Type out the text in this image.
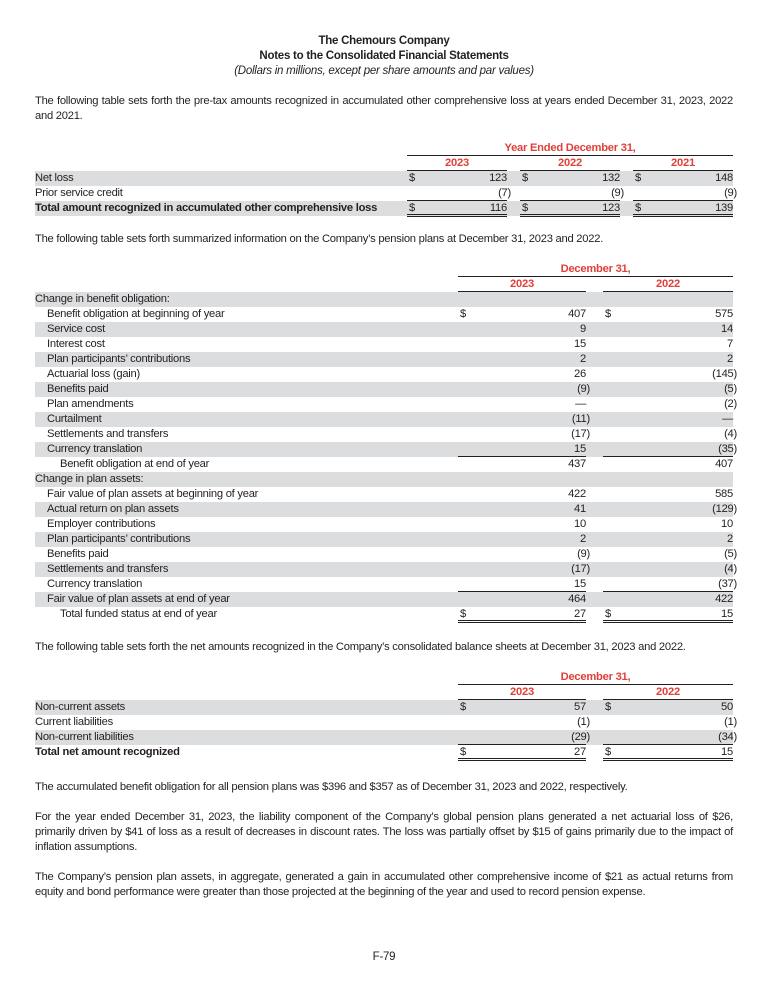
The Chemours Company
Notes to the Consolidated Financial Statements
(Dollars in millions, except per share amounts and par values)
The following table sets forth the pre-tax amounts recognized in accumulated other comprehensive loss at years ended December 31, 2023, 2022 and 2021.
Year Ended December 31,
2023	2022	2021
Net loss	$	123 $	132 $	148
Prior service credit	(7)	(9)	(9)
Total amount recognized in accumulated other comprehensive loss	$	116 $	123 $	139
The following table sets forth summarized information on the Company’s pension plans at December 31, 2023 and 2022.
December 31,
2023	2022
Change in benefit obligation:
Benefit obligation at beginning of year	$	407 $	575
Service cost	9	14
Interest cost	15	7
Plan participants’ contributions	2	2
Actuarial loss (gain)	26	(145)
Benefits paid	(9)	(5)
Plan amendments	—	(2)
Curtailment	(11)	—
Settlements and transfers	(17)	(4)
Currency translation	15	(35)
Benefit obligation at end of year	437	407
Change in plan assets:
Fair value of plan assets at beginning of year	422	585
Actual return on plan assets	41	(129)
Employer contributions	10	10
Plan participants’ contributions	2	2
Benefits paid	(9)	(5)
Settlements and transfers	(17)	(4)
Currency translation	15	(37)
Fair value of plan assets at end of year	464	422
Total funded status at end of year	$	27 $	15
The following table sets forth the net amounts recognized in the Company’s consolidated balance sheets at December 31, 2023 and 2022.
December 31,
2023	2022
Non-current assets	$	57 $	50
Current liabilities	(1)	(1)
Non-current liabilities	(29)	(34)
Total net amount recognized	$	27 $	15
The accumulated benefit obligation for all pension plans was $396 and $357 as of December 31, 2023 and 2022, respectively.
For the year ended December 31, 2023, the liability component of the Company’s global pension plans generated a net actuarial loss of $26, primarily driven by $41 of loss as a result of decreases in discount rates. The loss was partially offset by $15 of gains primarily due to the impact of inflation assumptions.
The Company’s pension plan assets, in aggregate, generated a gain in accumulated other comprehensive income of $21 as actual returns from equity and bond performance were greater than those projected at the beginning of the year and used to record pension expense.
F-79
